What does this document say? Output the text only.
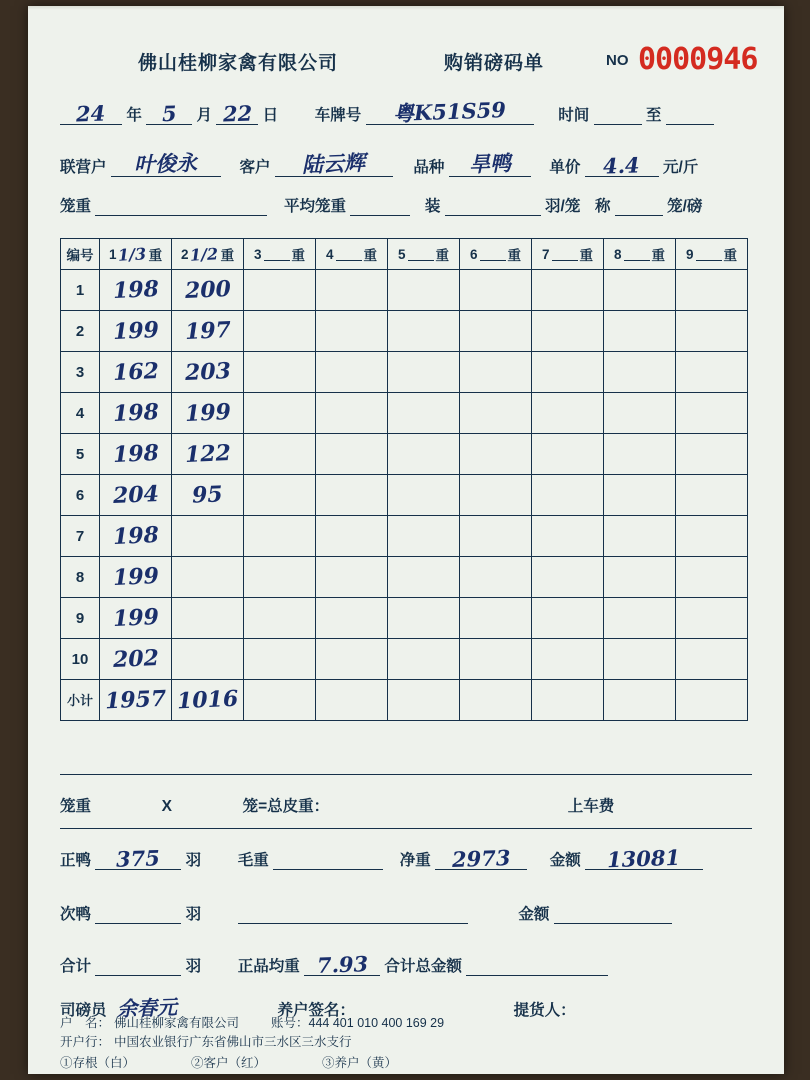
佛山桂柳家禽有限公司	购销磅码单	NO 0000946
24 年 5 月 22 日 车牌号 粤K51S59	时间	至
联营户 叶俊永	客户 陆云辉	品种 旱鸭 单价 4.4 元/斤
笼重	平均笼重	装	羽/笼 称	笼/磅
编号	1 1/3 重	2 1/2 重	3 重	4 重	5 重	6 重	7 重	8 重	9 重

1	198	200							
2	199	197							
3	162	203							
4	198	199							
5	198	122							
6	204	95							
7	198								
8	199								
9	199								
10	202								
小计	1957	1016							
笼重	X	笼=总皮重：	上车费
正鸭 375 羽 毛重	净重 2973	金额 13081
次鸭	羽	金额
合计	羽 正品均重 7.93 合计总金额
司磅员 余春元	养户签名：	提货人：
户　名： 佛山桂柳家禽有限公司	账号： 444 401 010 400 169 29
开户行： 中国农业银行广东省佛山市三水区三水支行
①存根（白）	②客户（红）	③养户（黄）
